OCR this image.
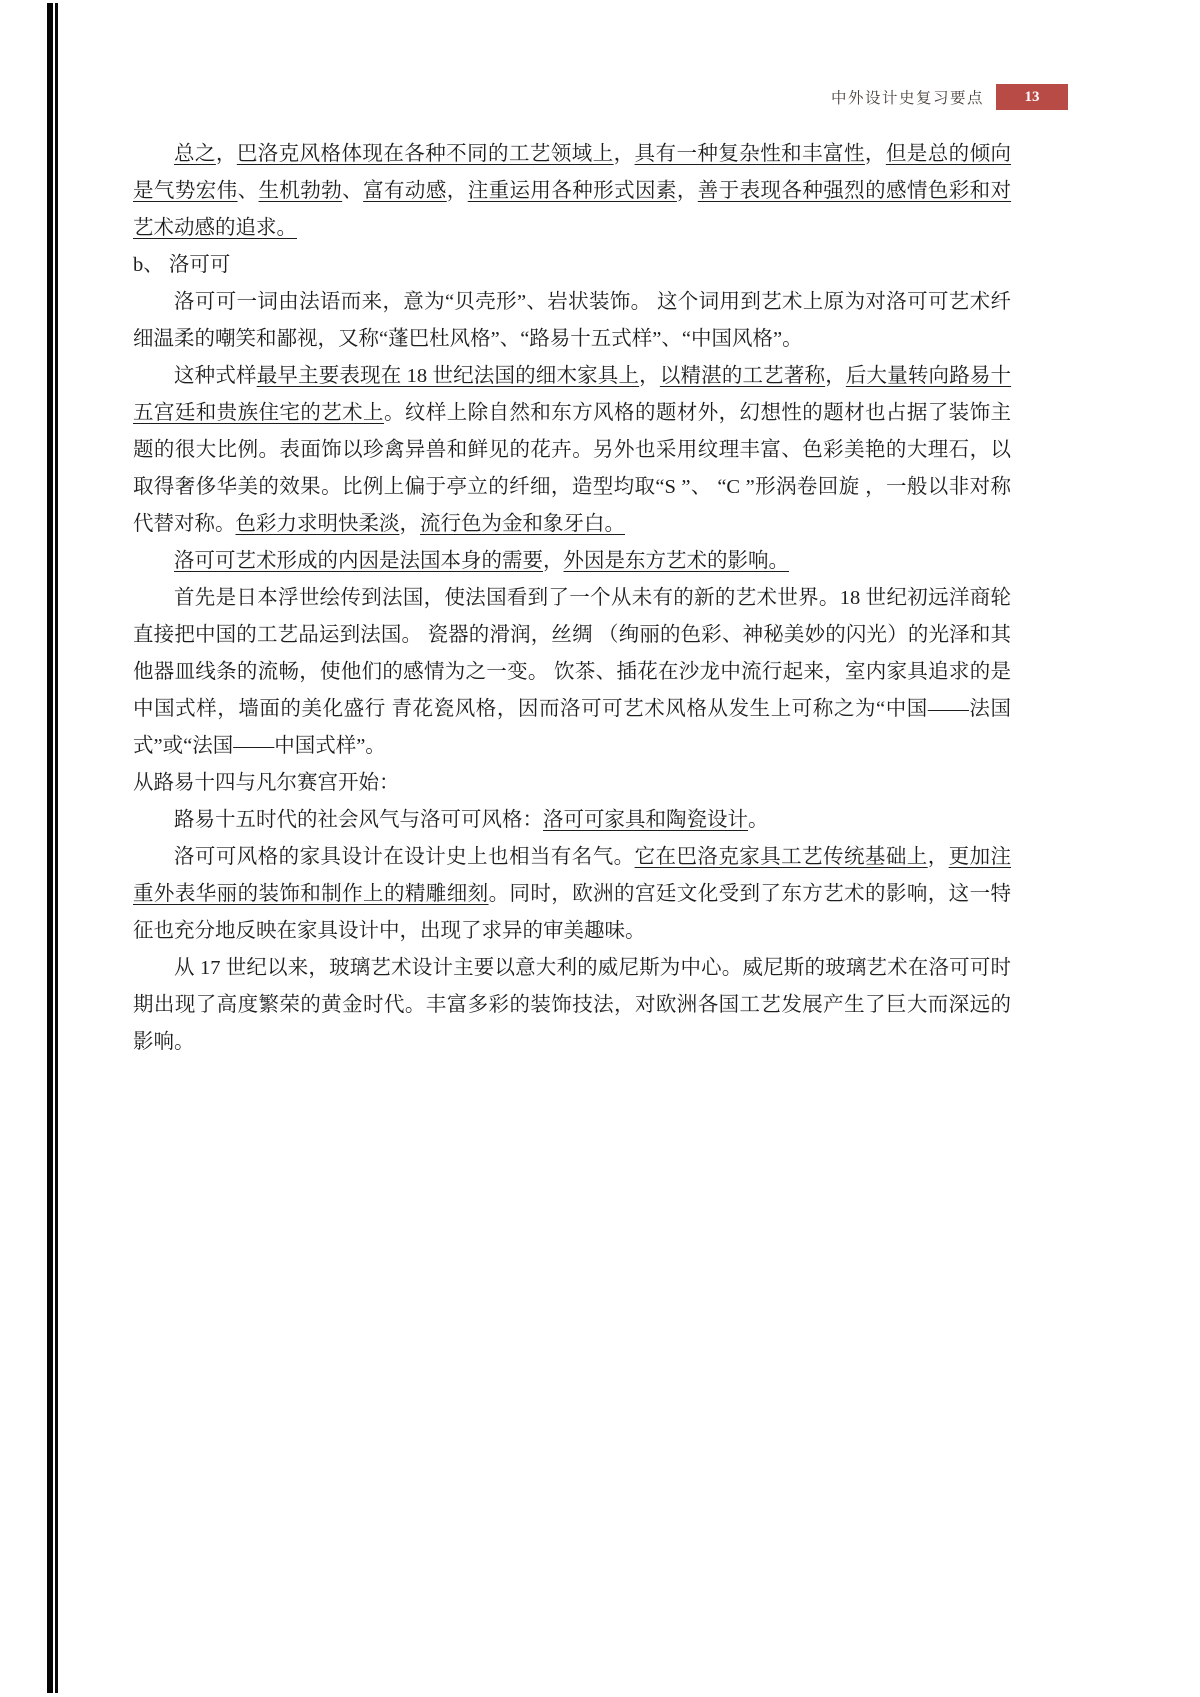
中外设计史复习要点	13

总之，巴洛克风格体现在各种不同的工艺领域上，具有一种复杂性和丰富性，但是总的倾向是气势宏伟、生机勃勃、富有动感，注重运用各种形式因素，善于表现各种强烈的感情色彩和对艺术动感的追求。

b、 洛可可

洛可可一词由法语而来，意为“贝壳形”、岩状装饰。 这个词用到艺术上原为对洛可可艺术纤细温柔的嘲笑和鄙视，又称“蓬巴杜风格”、“路易十五式样”、“中国风格”。

这种式样最早主要表现在 18 世纪法国的细木家具上，以精湛的工艺著称，后大量转向路易十五宫廷和贵族住宅的艺术上。纹样上除自然和东方风格的题材外，幻想性的题材也占据了装饰主题的很大比例。表面饰以珍禽异兽和鲜见的花卉。另外也采用纹理丰富、色彩美艳的大理石，以取得奢侈华美的效果。比例上偏于亭立的纤细，造型均取“S ”、 “C ”形涡卷回旋 ，一般以非对称代替对称。色彩力求明快柔淡，流行色为金和象牙白。

洛可可艺术形成的内因是法国本身的需要，外因是东方艺术的影响。

首先是日本浮世绘传到法国，使法国看到了一个从未有的新的艺术世界。18 世纪初远洋商轮直接把中国的工艺品运到法国。 瓷器的滑润，丝绸 （绚丽的色彩、神秘美妙的闪光）的光泽和其他器皿线条的流畅，使他们的感情为之一变。 饮茶、插花在沙龙中流行起来，室内家具追求的是中国式样，墙面的美化盛行 青花瓷风格，因而洛可可艺术风格从发生上可称之为“中国——法国式”或“法国——中国式样”。

从路易十四与凡尔赛宫开始：

路易十五时代的社会风气与洛可可风格：洛可可家具和陶瓷设计。

洛可可风格的家具设计在设计史上也相当有名气。它在巴洛克家具工艺传统基础上，更加注重外表华丽的装饰和制作上的精雕细刻。同时，欧洲的宫廷文化受到了东方艺术的影响，这一特征也充分地反映在家具设计中，出现了求异的审美趣味。

从 17 世纪以来，玻璃艺术设计主要以意大利的威尼斯为中心。威尼斯的玻璃艺术在洛可可时期出现了高度繁荣的黄金时代。丰富多彩的装饰技法，对欧洲各国工艺发展产生了巨大而深远的影响。
